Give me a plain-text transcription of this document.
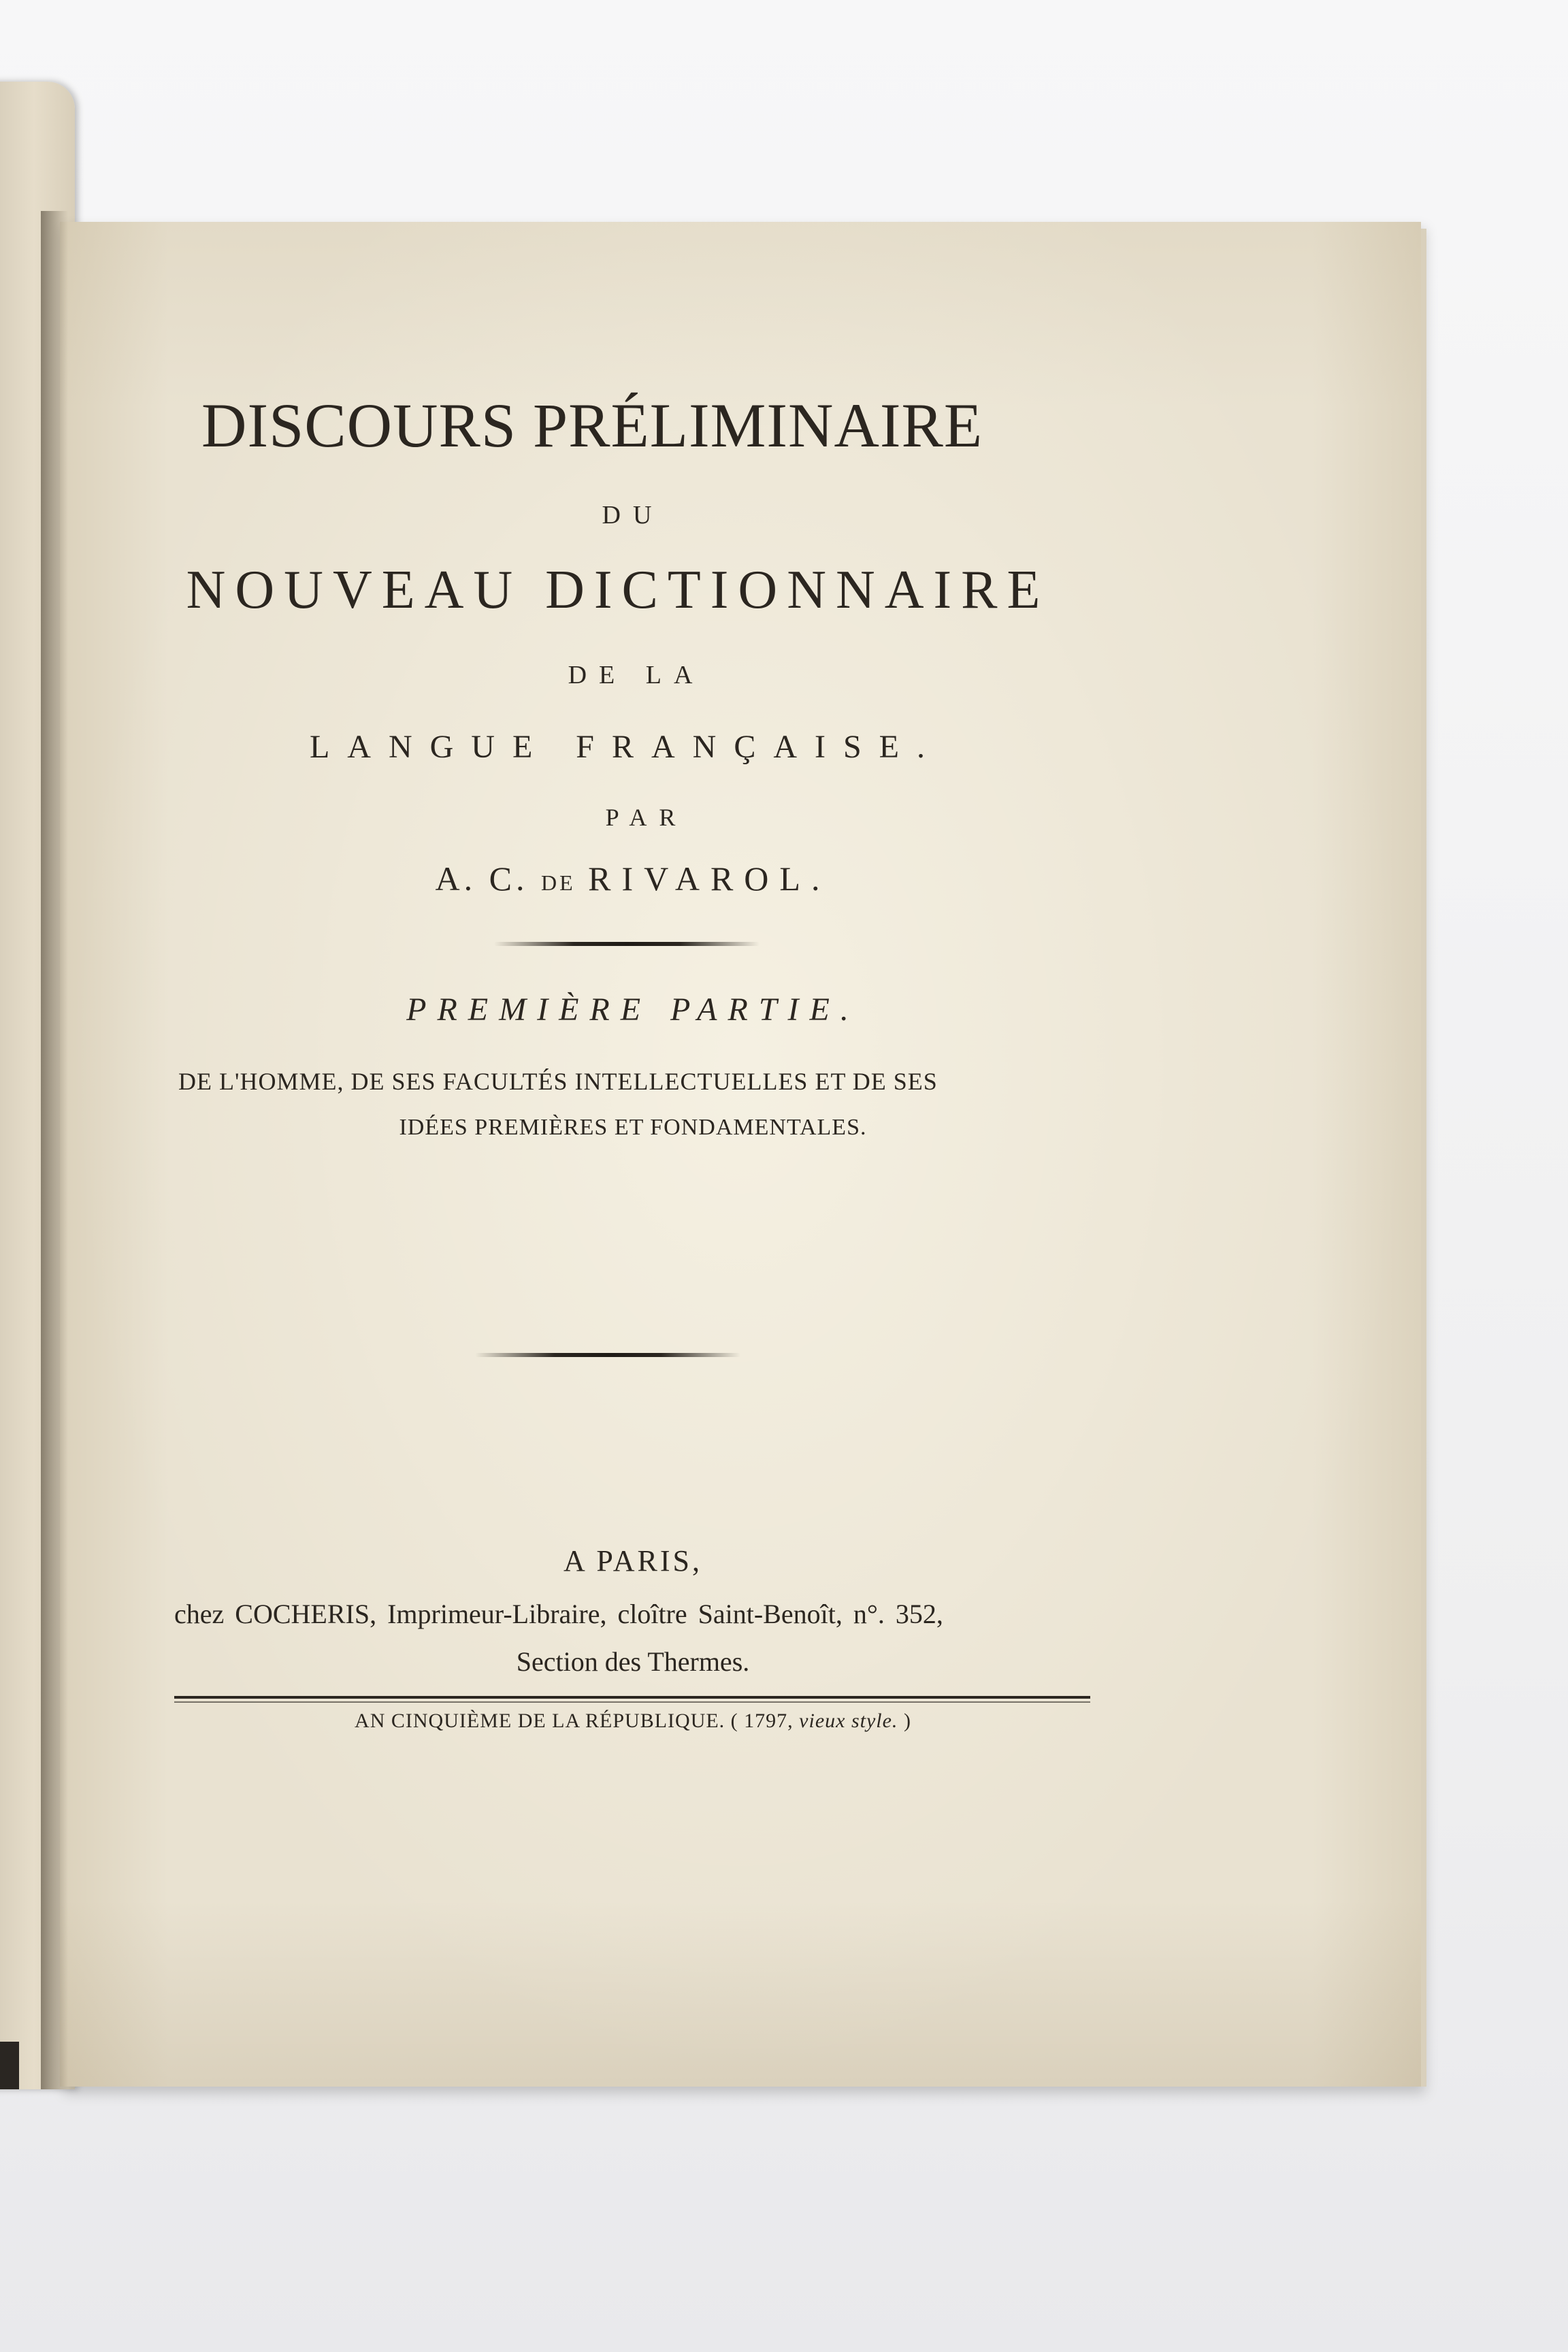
DISCOURS PRÉLIMINAIRE
DU
NOUVEAU DICTIONNAIRE
DE LA
LANGUE FRANÇAISE.
PAR
A. C. DE RIVAROL.
PREMIÈRE PARTIE.
DE L'HOMME, DE SES FACULTÉS INTELLECTUELLES ET DE SES
IDÉES PREMIÈRES ET FONDAMENTALES.
A PARIS,
chez COCHERIS, Imprimeur-Libraire, cloître Saint-Benoît, n°. 352,
Section des Thermes.
AN CINQUIÈME DE LA RÉPUBLIQUE. ( 1797, vieux style. )
